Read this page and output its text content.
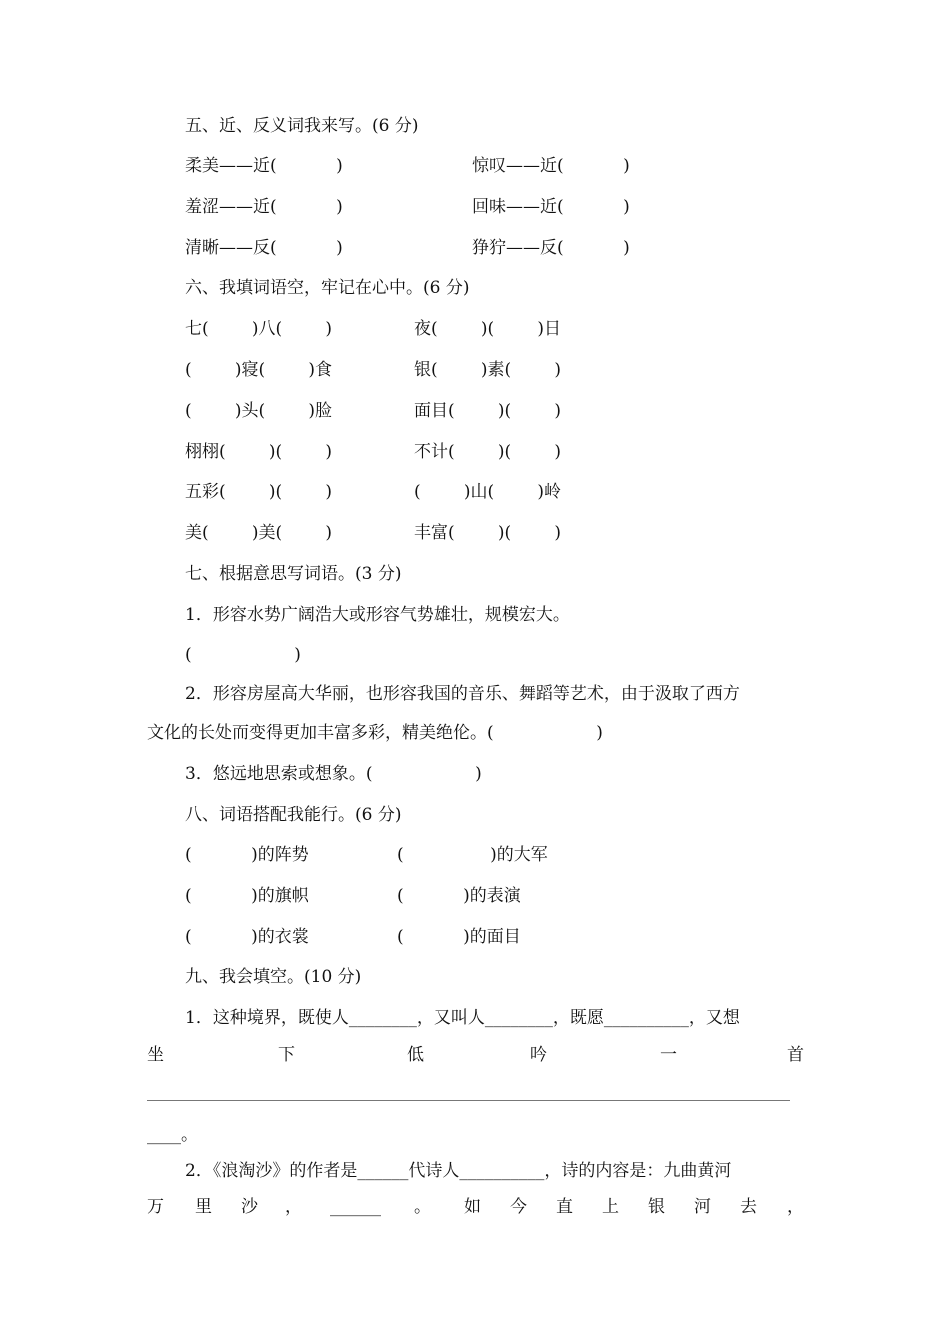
五、近、反义词我来写。(6 分)
柔美——近(           )	惊叹——近(           )
羞涩——近(           )	回味——近(           )
清晰——反(           )	狰狞——反(           )
六、我填词语空，牢记在心中。(6 分)
七(        )八(        )	夜(        )(        )日
(        )寝(        )食	银(        )素(        )
(        )头(        )脸	面目(        )(        )
栩栩(        )(        )	不计(        )(        )
五彩(        )(        )	(        )山(        )岭
美(        )美(        )	丰富(        )(        )
七、根据意思写词语。(3 分)
1．形容水势广阔浩大或形容气势雄壮，规模宏大。
(                   )
2．形容房屋高大华丽，也形容我国的音乐、舞蹈等艺术，由于汲取了西方
文化的长处而变得更加丰富多彩，精美绝伦。(                   )
3．悠远地思索或想象。(                   )
八、词语搭配我能行。(6 分)
(           )的阵势	(                )的大军
(           )的旗帜	(           )的表演
(           )的衣裳	(           )的面目
九、我会填空。(10 分)
1．这种境界，既使人________，又叫人________，既愿__________，又想
坐	下	低	吟	一	首
____。
2．《浪淘沙》的作者是______代诗人__________，诗的内容是：九曲黄河
万 里 沙 ， ______ 。 如 今 直 上 银 河 去 ，
